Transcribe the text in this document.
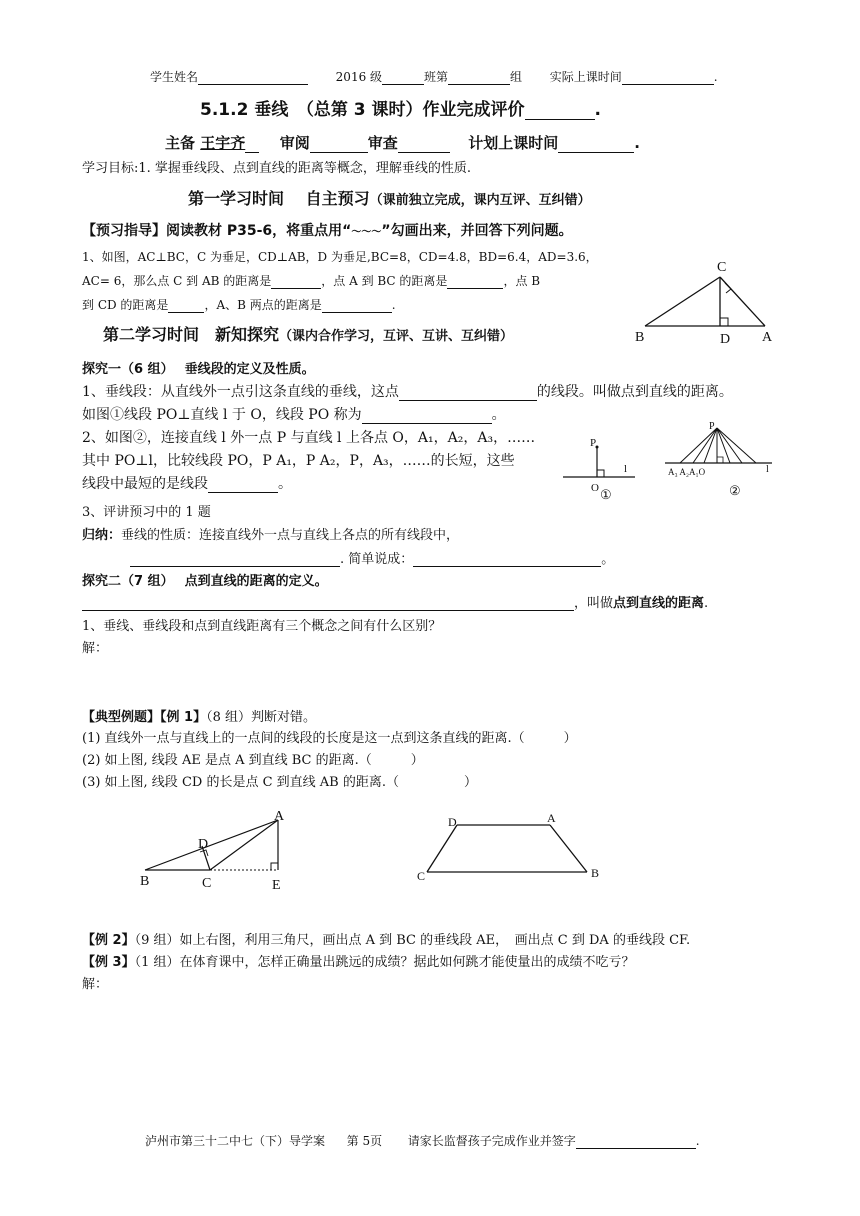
学生姓名	2016 级	班第	组 实际上课时间	.
5.1.2 垂线　（总第 3 课时）作业完成评价	.
主备 王宇齐 审阅	审查	计划上课时间	.
学习目标:1. 掌握垂线段、点到直线的距离等概念，理解垂线的性质.
第一学习时间　 自主预习（课前独立完成，课内互评、互纠错）
【预习指导】阅读教材 P35-6，将重点用“～～～”勾画出来，并回答下列问题。
1、如图，AC⊥BC，C 为垂足，CD⊥AB，D 为垂足,BC=8，CD=4.8，BD=6.4，AD=3.6，
AC= 6，那么点 C 到 AB 的距离是	，点 A 到 BC 的距离是	，点 B
到 CD 的距离是	，A、B 两点的距离是	.
C
B	D A
第二学习时间　新知探究（课内合作学习，互评、互讲、互纠错）
探究一（6 组）　 垂线段的定义及性质。
1、垂线段：从直线外一点引这条直线的垂线，这点	的线段。叫做点到直线的距离。
如图①线段 PO⊥直线 l 于 O，线段 PO 称为	。
2、如图②，连接直线 l 外一点 P 与直线 l 上各点 O，A₁，A₂，A₃，……
其中 PO⊥l，比较线段 PO，P A₁，P A₂，P，A₃，……的长短，这些
线段中最短的是线段	。
3、评讲预习中的 1 题
归纳：垂线的性质：连接直线外一点与直线上各点的所有线段中，
. 简单说成：	。
P
l
O ①
P
A₃ A₂A₁O	l
②
探究二（7 组）　 点到直线的距离的定义。
，叫做点到直线的距离.
1、垂线、垂线段和点到直线距离有三个概念之间有什么区别？
解：
【典型例题】【例 1】（8 组）判断对错。
(1) 直线外一点与直线上的一点间的线段的长度是这一点到这条直线的距离.（　　　）
(2) 如上图, 线段 AE 是点 A 到直线 BC 的距离.（　　　）
(3) 如上图, 线段 CD 的长是点 C 到直线 AB 的距离.（　　　　　）
A
D
B	C	E
D	A
C	B
【例 2】（9 组）如上右图，利用三角尺，画出点 A 到 BC 的垂线段 AE，　画出点 C 到 DA 的垂线段 CF.
【例 3】（1 组）在体育课中，怎样正确量出跳远的成绩？据此如何跳才能使量出的成绩不吃亏？
解：
泸州市第三十二中七（下）导学案 第 5页 请家长监督孩子完成作业并签字	.
